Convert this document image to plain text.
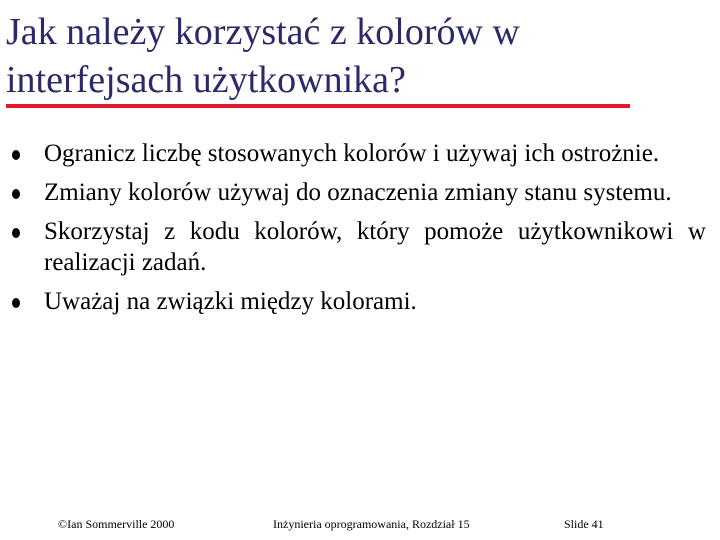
Jak należy korzystać z kolorów w interfejsach użytkownika?
Ogranicz liczbę stosowanych kolorów i używaj ich ostrożnie.
Zmiany kolorów używaj do oznaczenia zmiany stanu systemu.
Skorzystaj z kodu kolorów, który pomoże użytkownikowi w realizacji zadań.
Uważaj na związki między kolorami.
©Ian Sommerville 2000	Inżynieria oprogramowania, Rozdział 15	Slide 41
